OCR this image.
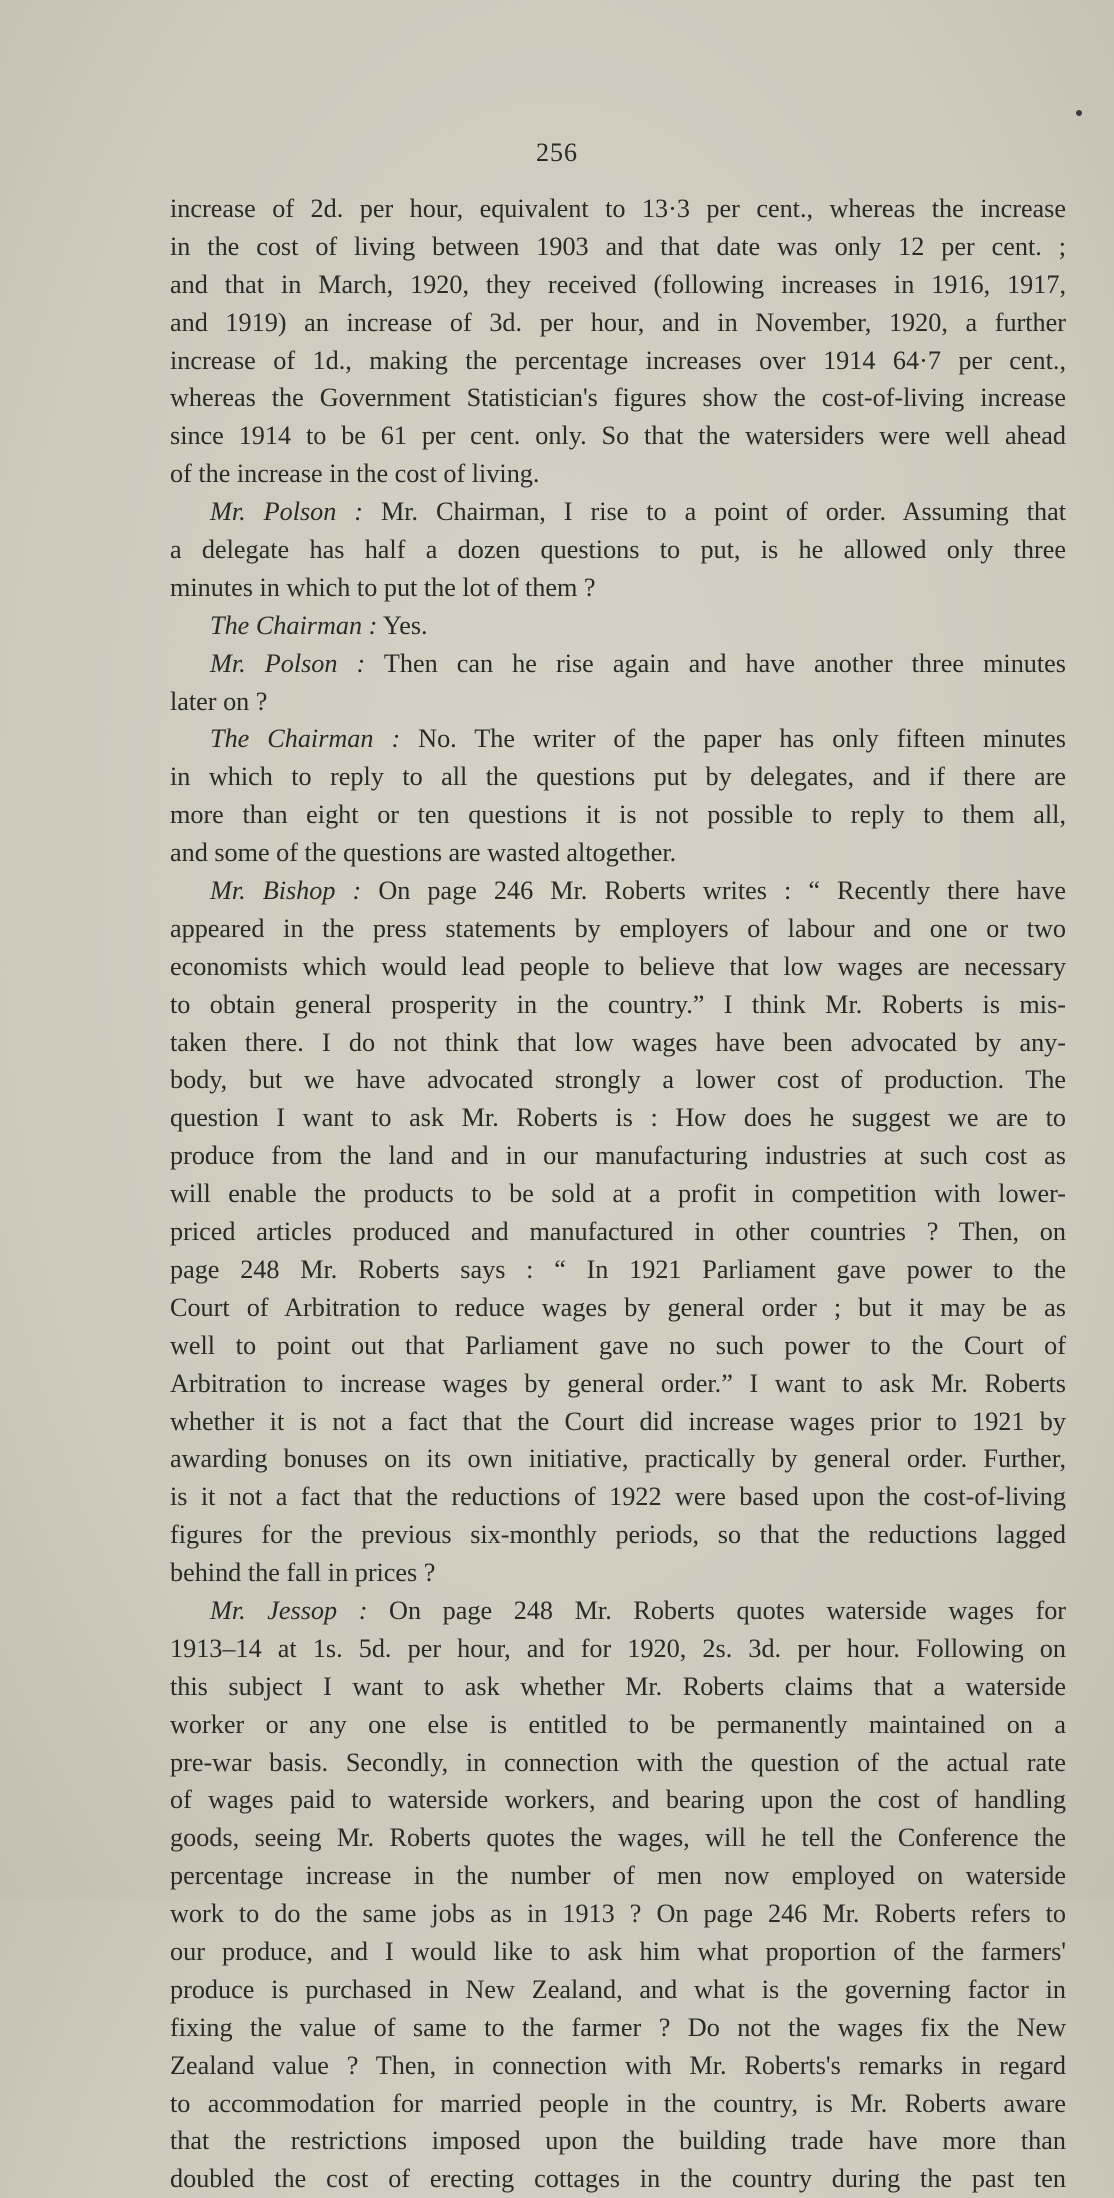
256
increase of 2d. per hour, equivalent to 13·3 per cent., whereas the increase
in the cost of living between 1903 and that date was only 12 per cent. ;
and that in March, 1920, they received (following increases in 1916, 1917,
and 1919) an increase of 3d. per hour, and in November, 1920, a further
increase of 1d., making the percentage increases over 1914 64·7 per cent.,
whereas the Government Statistician's figures show the cost-of-living increase
since 1914 to be 61 per cent. only. So that the watersiders were well ahead
of the increase in the cost of living.
Mr. Polson : Mr. Chairman, I rise to a point of order. Assuming that
a delegate has half a dozen questions to put, is he allowed only three
minutes in which to put the lot of them ?
The Chairman : Yes.
Mr. Polson : Then can he rise again and have another three minutes
later on ?
The Chairman : No. The writer of the paper has only fifteen minutes
in which to reply to all the questions put by delegates, and if there are
more than eight or ten questions it is not possible to reply to them all,
and some of the questions are wasted altogether.
Mr. Bishop : On page 246 Mr. Roberts writes : “ Recently there have
appeared in the press statements by employers of labour and one or two
economists which would lead people to believe that low wages are necessary
to obtain general prosperity in the country.” I think Mr. Roberts is mis-
taken there. I do not think that low wages have been advocated by any-
body, but we have advocated strongly a lower cost of production. The
question I want to ask Mr. Roberts is : How does he suggest we are to
produce from the land and in our manufacturing industries at such cost as
will enable the products to be sold at a profit in competition with lower-
priced articles produced and manufactured in other countries ? Then, on
page 248 Mr. Roberts says : “ In 1921 Parliament gave power to the
Court of Arbitration to reduce wages by general order ; but it may be as
well to point out that Parliament gave no such power to the Court of
Arbitration to increase wages by general order.” I want to ask Mr. Roberts
whether it is not a fact that the Court did increase wages prior to 1921 by
awarding bonuses on its own initiative, practically by general order. Further,
is it not a fact that the reductions of 1922 were based upon the cost-of-living
figures for the previous six-monthly periods, so that the reductions lagged
behind the fall in prices ?
Mr. Jessop : On page 248 Mr. Roberts quotes waterside wages for
1913–14 at 1s. 5d. per hour, and for 1920, 2s. 3d. per hour. Following on
this subject I want to ask whether Mr. Roberts claims that a waterside
worker or any one else is entitled to be permanently maintained on a
pre-war basis. Secondly, in connection with the question of the actual rate
of wages paid to waterside workers, and bearing upon the cost of handling
goods, seeing Mr. Roberts quotes the wages, will he tell the Conference the
percentage increase in the number of men now employed on waterside
work to do the same jobs as in 1913 ? On page 246 Mr. Roberts refers to
our produce, and I would like to ask him what proportion of the farmers'
produce is purchased in New Zealand, and what is the governing factor in
fixing the value of same to the farmer ? Do not the wages fix the New
Zealand value ? Then, in connection with Mr. Roberts's remarks in regard
to accommodation for married people in the country, is Mr. Roberts aware
that the restrictions imposed upon the building trade have more than
doubled the cost of erecting cottages in the country during the past ten
